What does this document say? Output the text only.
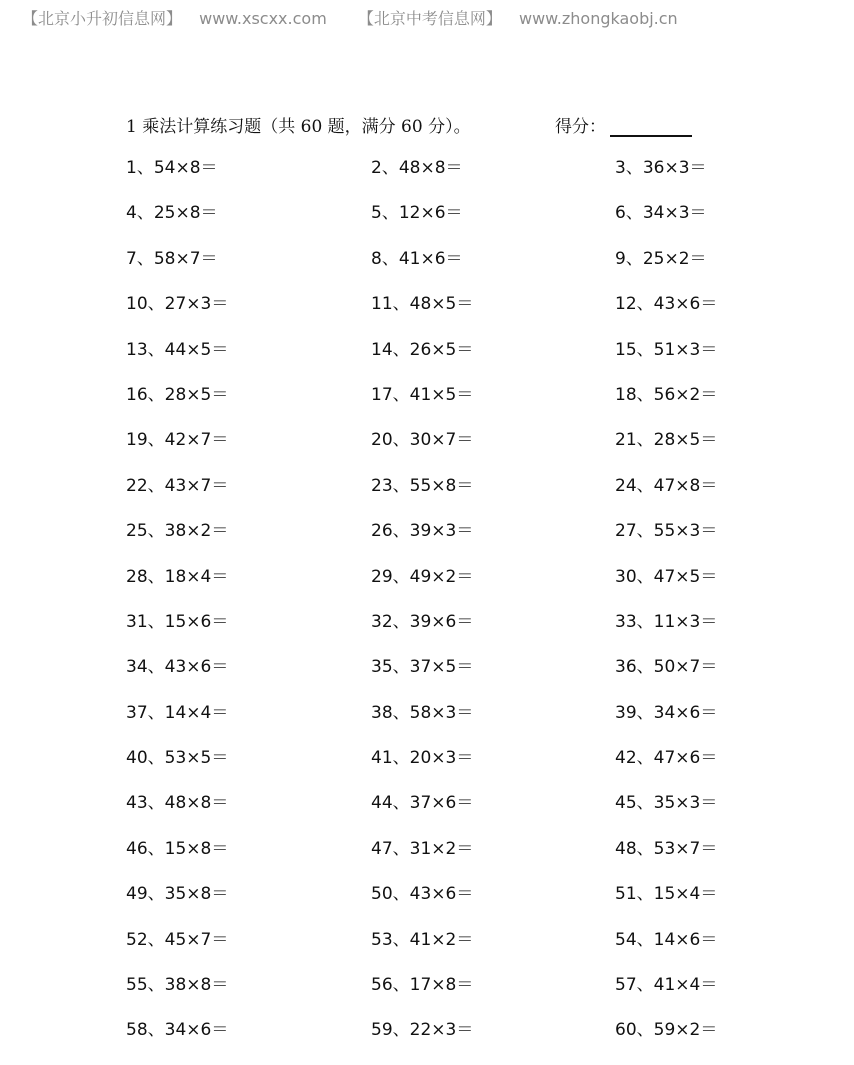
【北京小升初信息网】 www.xscxx.com 【北京中考信息网】 www.zhongkaobj.cn
1 乘法计算练习题（共 60 题，满分 60 分）。	得分：
1、54×8＝	2、48×8＝	3、36×3＝
4、25×8＝	5、12×6＝	6、34×3＝
7、58×7＝	8、41×6＝	9、25×2＝
10、27×3＝	11、48×5＝	12、43×6＝
13、44×5＝	14、26×5＝	15、51×3＝
16、28×5＝	17、41×5＝	18、56×2＝
19、42×7＝	20、30×7＝	21、28×5＝
22、43×7＝	23、55×8＝	24、47×8＝
25、38×2＝	26、39×3＝	27、55×3＝
28、18×4＝	29、49×2＝	30、47×5＝
31、15×6＝	32、39×6＝	33、11×3＝
34、43×6＝	35、37×5＝	36、50×7＝
37、14×4＝	38、58×3＝	39、34×6＝
40、53×5＝	41、20×3＝	42、47×6＝
43、48×8＝	44、37×6＝	45、35×3＝
46、15×8＝	47、31×2＝	48、53×7＝
49、35×8＝	50、43×6＝	51、15×4＝
52、45×7＝	53、41×2＝	54、14×6＝
55、38×8＝	56、17×8＝	57、41×4＝
58、34×6＝	59、22×3＝	60、59×2＝
